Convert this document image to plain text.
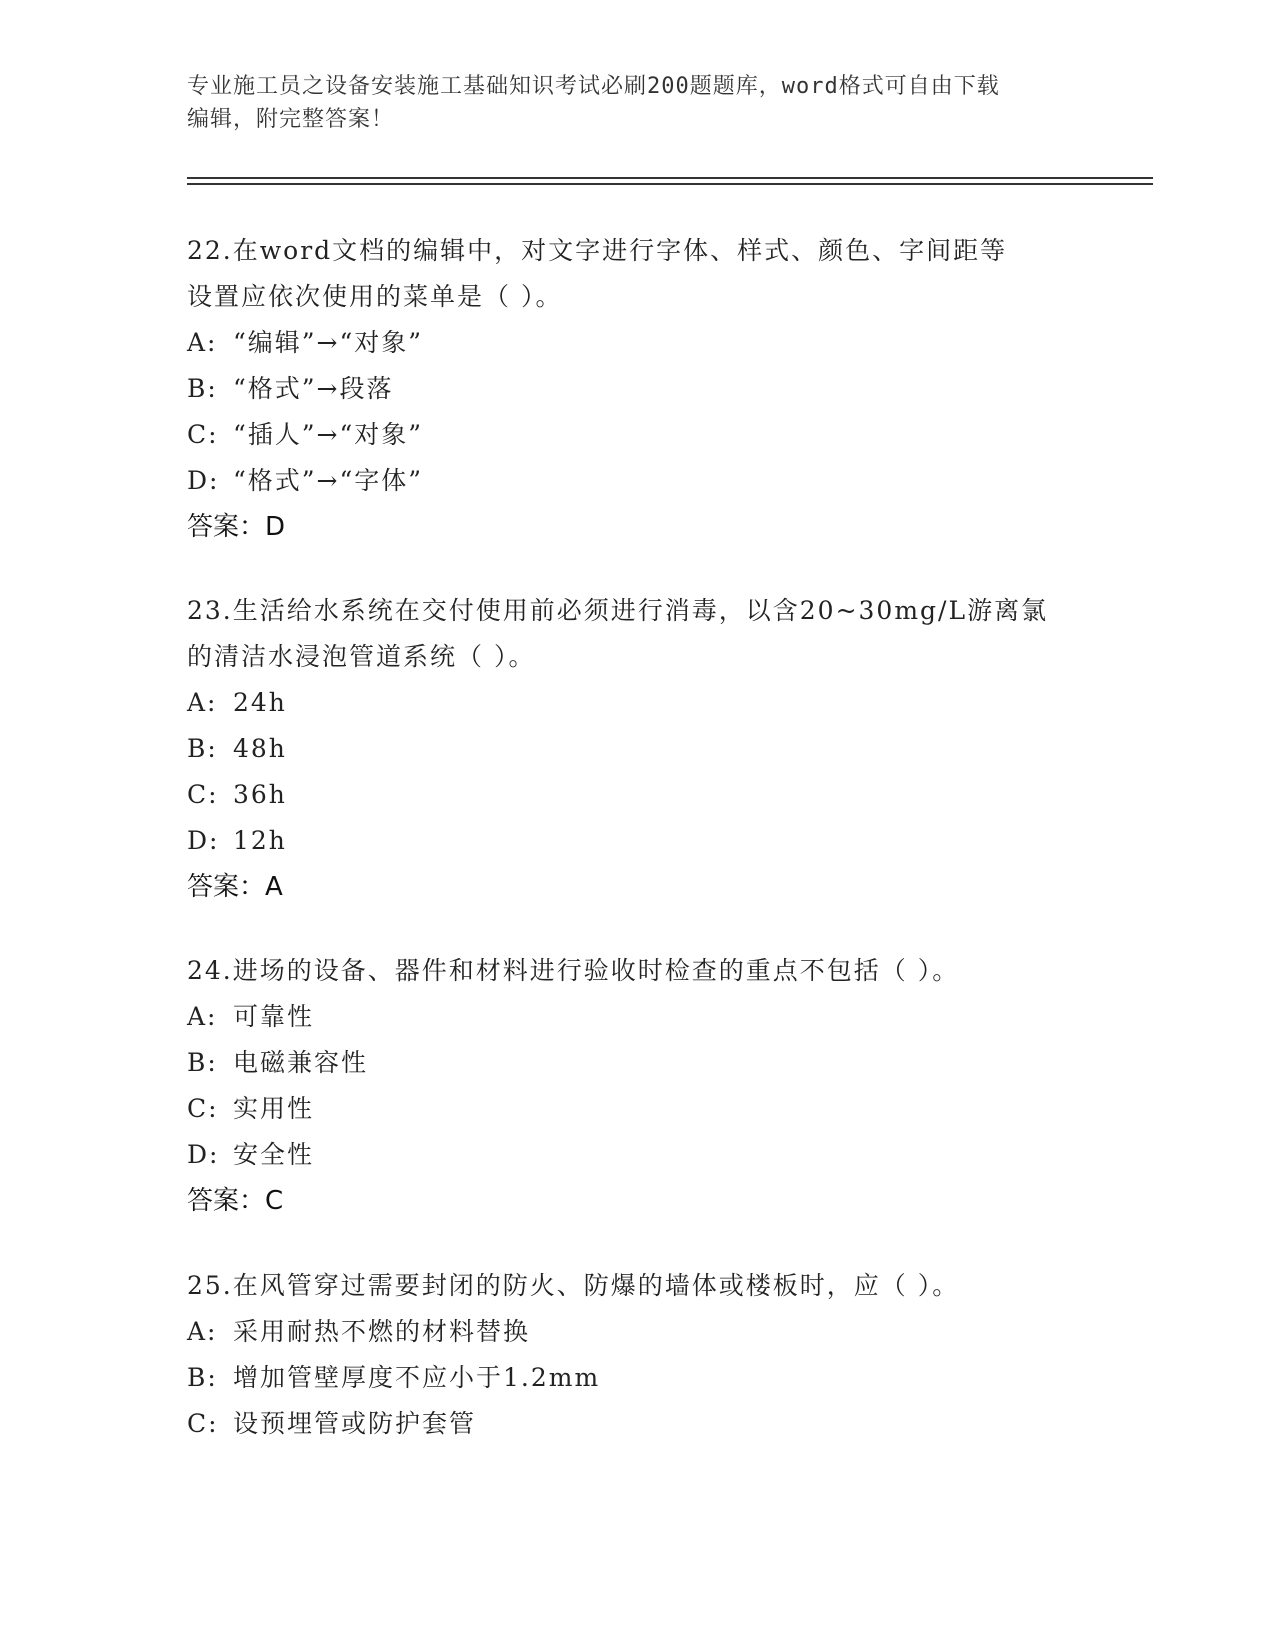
专业施工员之设备安装施工基础知识考试必刷200题题库，word格式可自由下载
编辑，附完整答案！

22.在word文档的编辑中，对文字进行字体、样式、颜色、字间距等

设置应依次使用的菜单是（ ）。

A: “编辑”→“对象”

B: “格式”→段落

C: “插人”→“对象”

D: “格式”→“字体”

答案：D

23.生活给水系统在交付使用前必须进行消毒，以含20~30mg/L游离氯

的清洁水浸泡管道系统（ ）。

A: 24h

B: 48h

C: 36h

D: 12h

答案：A

24.进场的设备、器件和材料进行验收时检查的重点不包括（ ）。

A: 可靠性

B: 电磁兼容性

C: 实用性

D: 安全性

答案：C

25.在风管穿过需要封闭的防火、防爆的墙体或楼板时，应（ ）。

A: 采用耐热不燃的材料替换

B: 增加管壁厚度不应小于1.2mm

C: 设预埋管或防护套管
